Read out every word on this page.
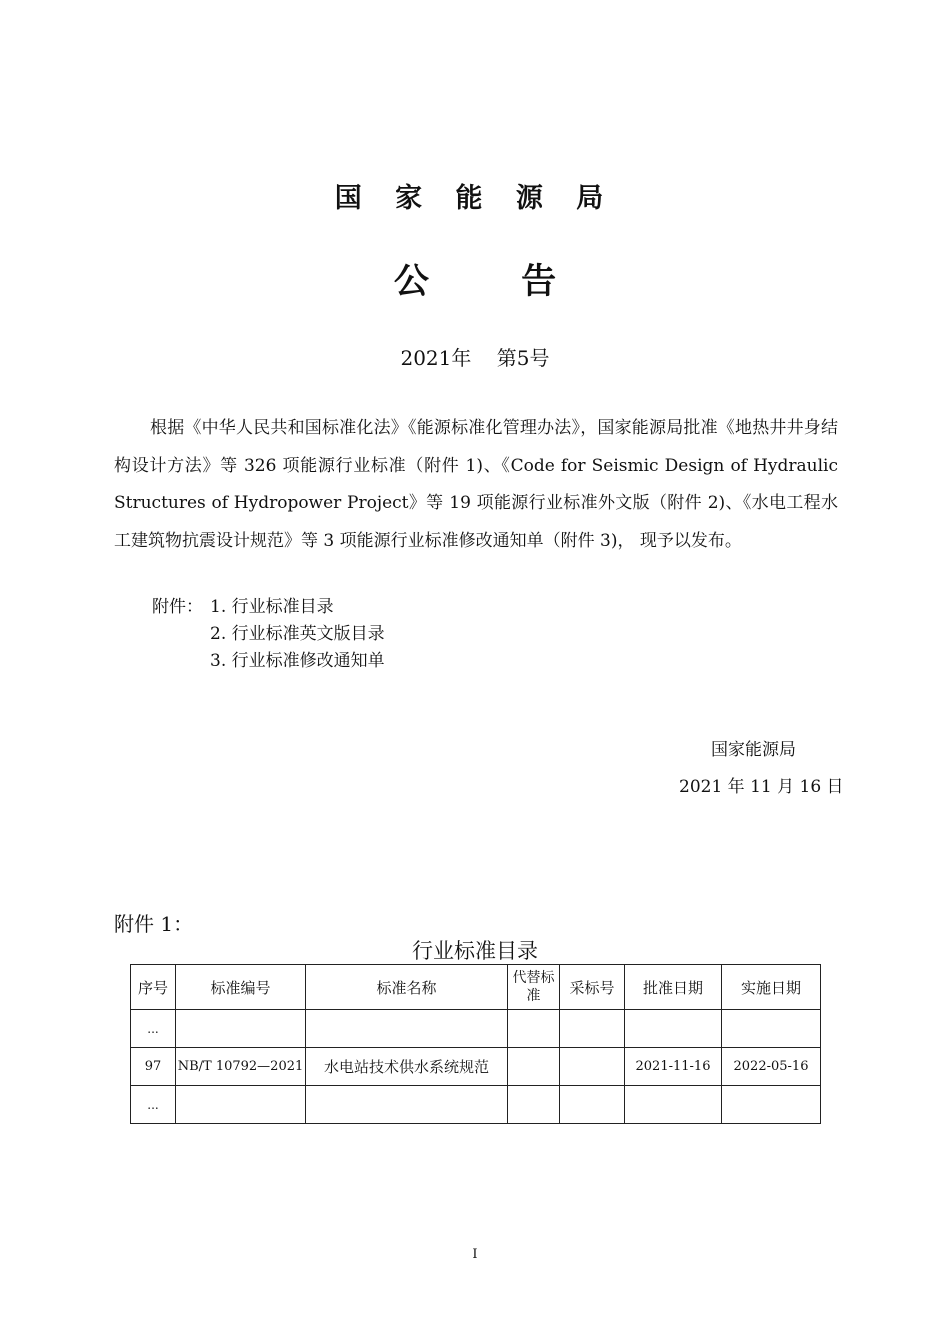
国 家 能 源 局
公 告
2021年    第5号

根据《中华人民共和国标准化法》《能源标准化管理办法》，国家能源局批准《地热井井身结构设计方法》等 326 项能源行业标准（附件 1)、《Code for Seismic Design of Hydraulic Structures of Hydropower Project》等 19 项能源行业标准外文版（附件 2)、《水电工程水工建筑物抗震设计规范》等 3 项能源行业标准修改通知单（附件 3)， 现予以发布。

附件： 1. 行业标准目录
2. 行业标准英文版目录
3. 行业标准修改通知单
国家能源局
2021 年 11 月 16 日
附件 1：
行业标准目录
序号	标准编号	标准名称	代替标准	采标号	批准日期	实施日期
...						
97	NB/T 10792—2021	水电站技术供水系统规范			2021-11-16	2022-05-16
...						
I
